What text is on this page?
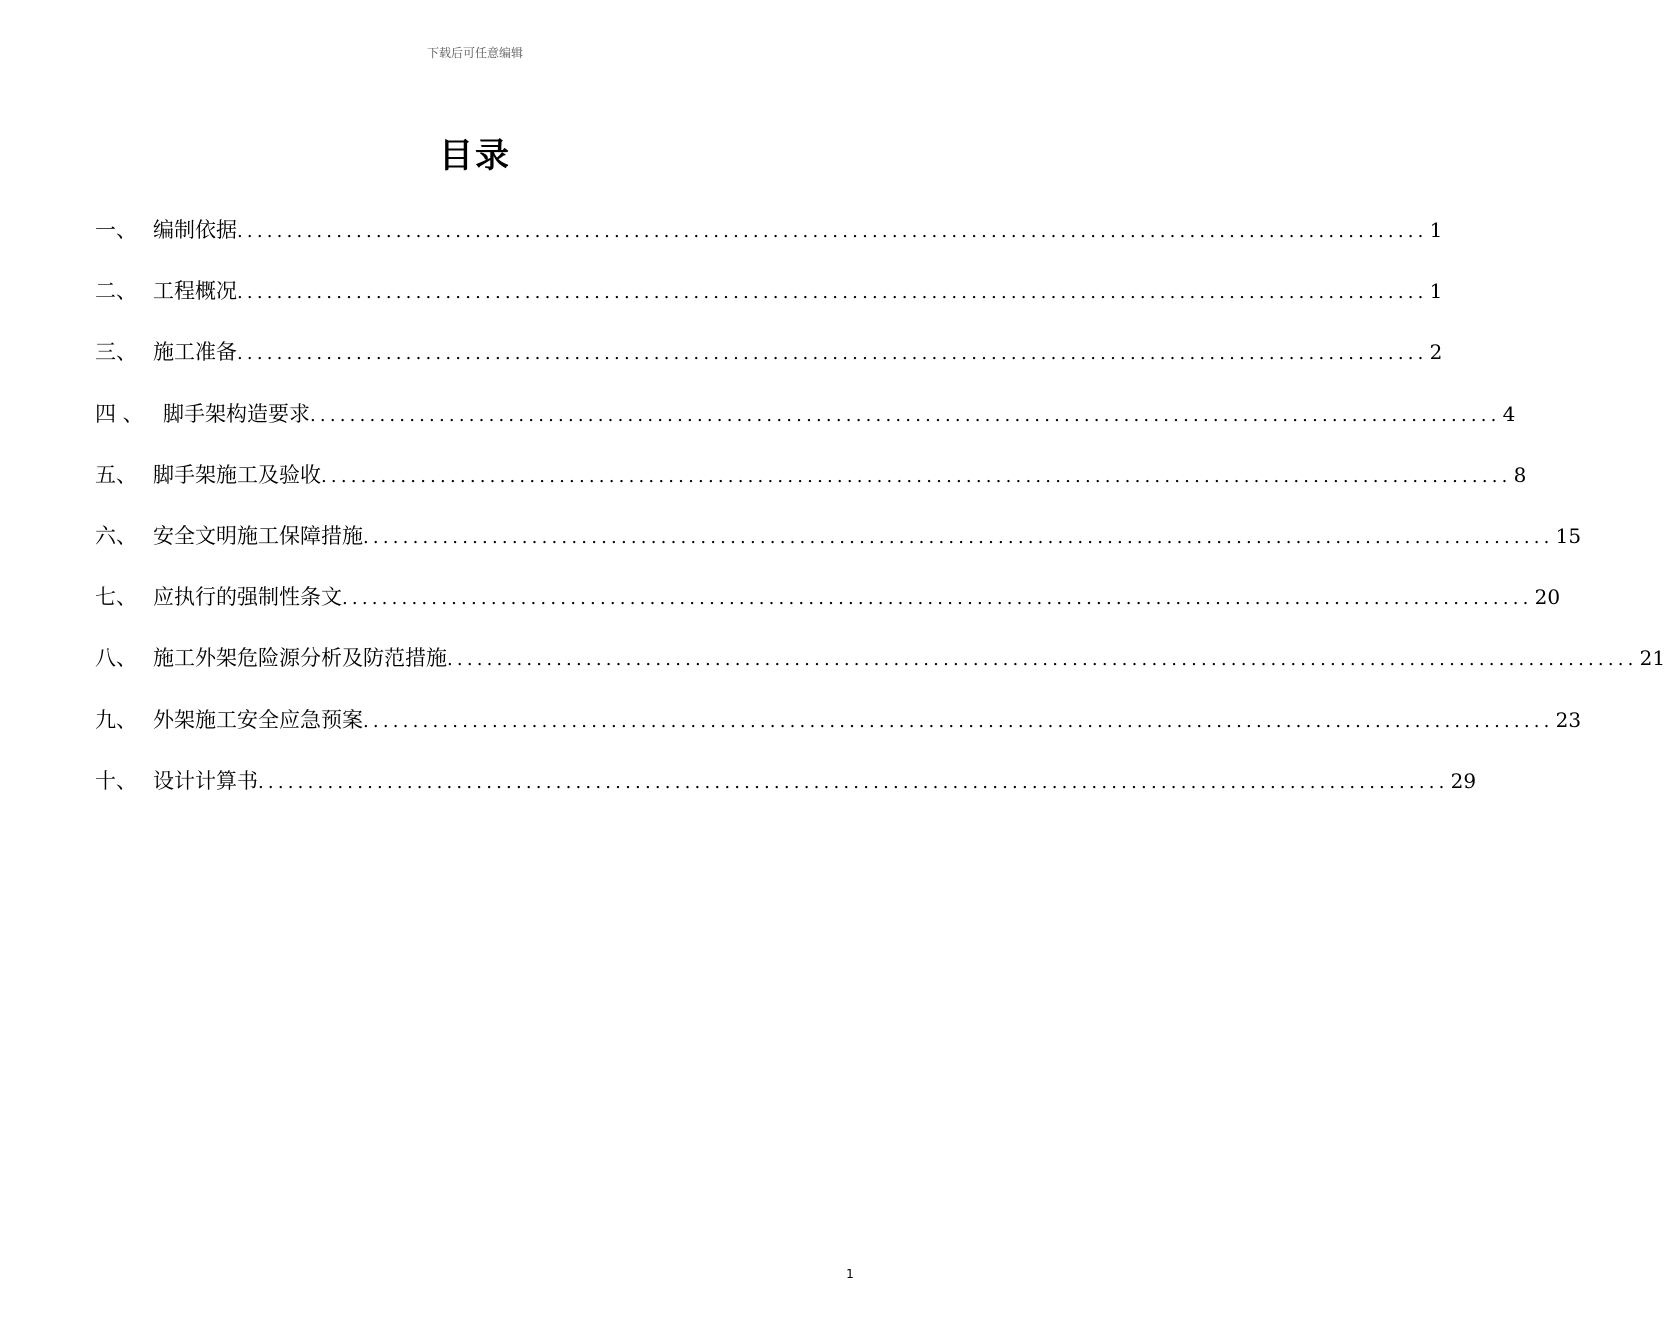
下载后可任意编辑
目录
一、 编制依据 ........................................................................................................................ 1
二、 工程概况 ........................................................................................................................ 1
三、 施工准备 ........................................................................................................................ 2
四 、 脚手架构造要求 ........................................................................................................................ 4
五、 脚手架施工及验收 ........................................................................................................................ 8
六、 安全文明施工保障措施 ........................................................................................................................ 15
七、 应执行的强制性条文 ........................................................................................................................ 20
八、 施工外架危险源分析及防范措施 ........................................................................................................................ 21
九、 外架施工安全应急预案 ........................................................................................................................ 23
十、 设计计算书 ........................................................................................................................ 29
1
